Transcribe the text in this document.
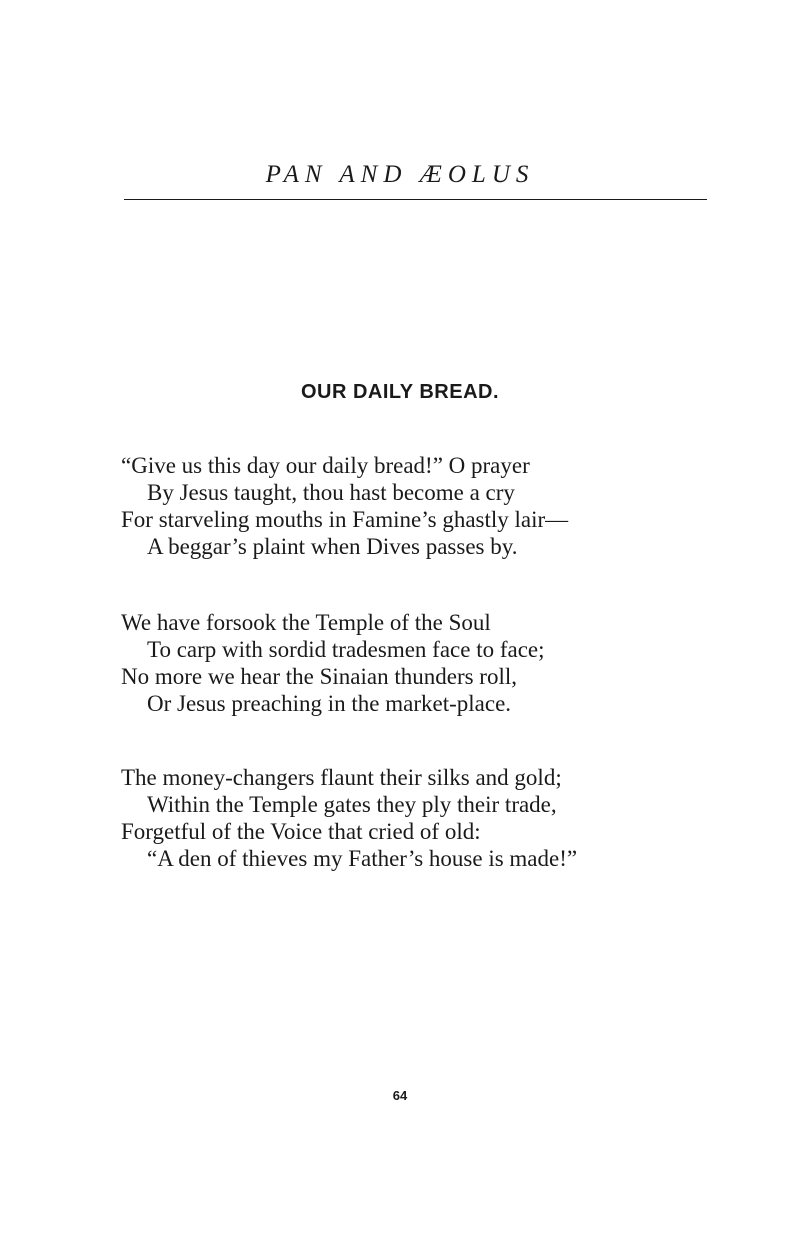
PAN AND ÆOLUS
OUR DAILY BREAD.
“Give us this day our daily bread!” O prayer
By Jesus taught, thou hast become a cry
For starveling mouths in Famine’s ghastly lair—
A beggar’s plaint when Dives passes by.
We have forsook the Temple of the Soul
To carp with sordid tradesmen face to face;
No more we hear the Sinaian thunders roll,
Or Jesus preaching in the market-place.
The money-changers flaunt their silks and gold;
Within the Temple gates they ply their trade,
Forgetful of the Voice that cried of old:
“A den of thieves my Father’s house is made!”
64
